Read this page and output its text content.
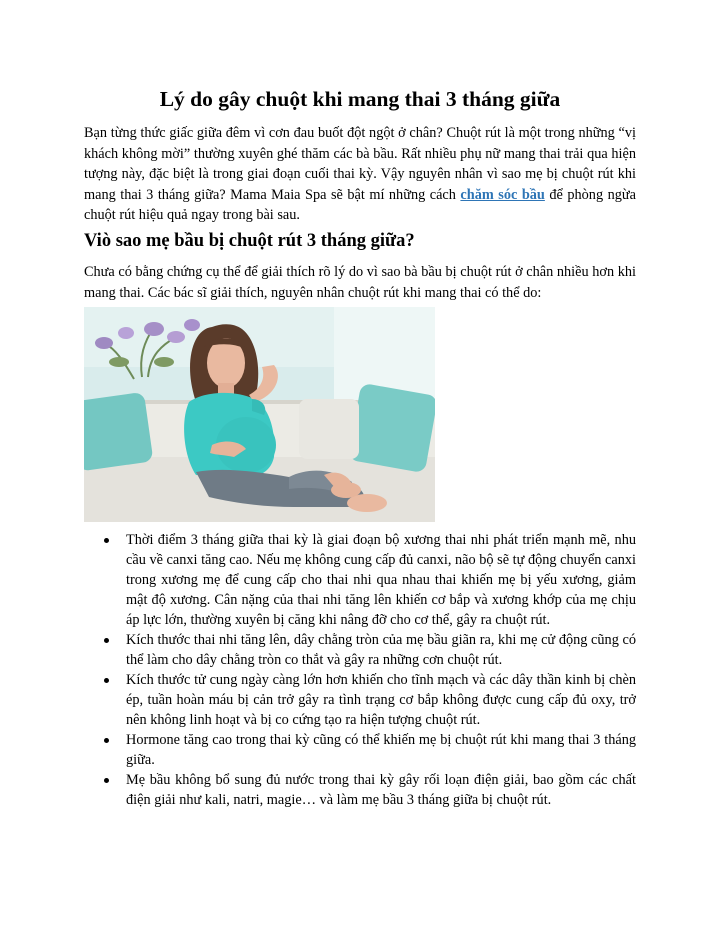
Lý do gây chuột khi mang thai 3 tháng giữa

Bạn từng thức giấc giữa đêm vì cơn đau buốt đột ngột ở chân? Chuột rút là một trong những “vị khách không mời” thường xuyên ghé thăm các bà bầu. Rất nhiều phụ nữ mang thai trải qua hiện tượng này, đặc biệt là trong giai đoạn cuối thai kỳ. Vậy nguyên nhân vì sao mẹ bị chuột rút khi mang thai 3 tháng giữa? Mama Maia Spa sẽ bật mí những cách chăm sóc bầu để phòng ngừa chuột rút hiệu quả ngay trong bài sau.

Viò sao mẹ bầu bị chuột rút 3 tháng giữa?

Chưa có bằng chứng cụ thể để giải thích rõ lý do vì sao bà bầu bị chuột rút ở chân nhiều hơn khi mang thai. Các bác sĩ giải thích, nguyên nhân chuột rút khi mang thai có thể do:

Thời điểm 3 tháng giữa thai kỳ là giai đoạn bộ xương thai nhi phát triển mạnh mẽ, nhu cầu về canxi tăng cao. Nếu mẹ không cung cấp đủ canxi, não bộ sẽ tự động chuyển canxi trong xương mẹ để cung cấp cho thai nhi qua nhau thai khiến mẹ bị yếu xương, giảm mật độ xương. Cân nặng của thai nhi tăng lên khiến cơ bắp và xương khớp của mẹ chịu áp lực lớn, thường xuyên bị căng khi nâng đỡ cho cơ thể, gây ra chuột rút.
Kích thước thai nhi tăng lên, dây chằng tròn của mẹ bầu giãn ra, khi mẹ cử động cũng có thể làm cho dây chằng tròn co thắt và gây ra những cơn chuột rút.
Kích thước tử cung ngày càng lớn hơn khiến cho tĩnh mạch và các dây thần kinh bị chèn ép, tuần hoàn máu bị cản trở gây ra tình trạng cơ bắp không được cung cấp đủ oxy, trở nên không linh hoạt và bị co cứng tạo ra hiện tượng chuột rút.
Hormone tăng cao trong thai kỳ cũng có thể khiến mẹ bị chuột rút khi mang thai 3 tháng giữa.
Mẹ bầu không bổ sung đủ nước trong thai kỳ gây rối loạn điện giải, bao gồm các chất điện giải như kali, natri, magie… và làm mẹ bầu 3 tháng giữa bị chuột rút.
